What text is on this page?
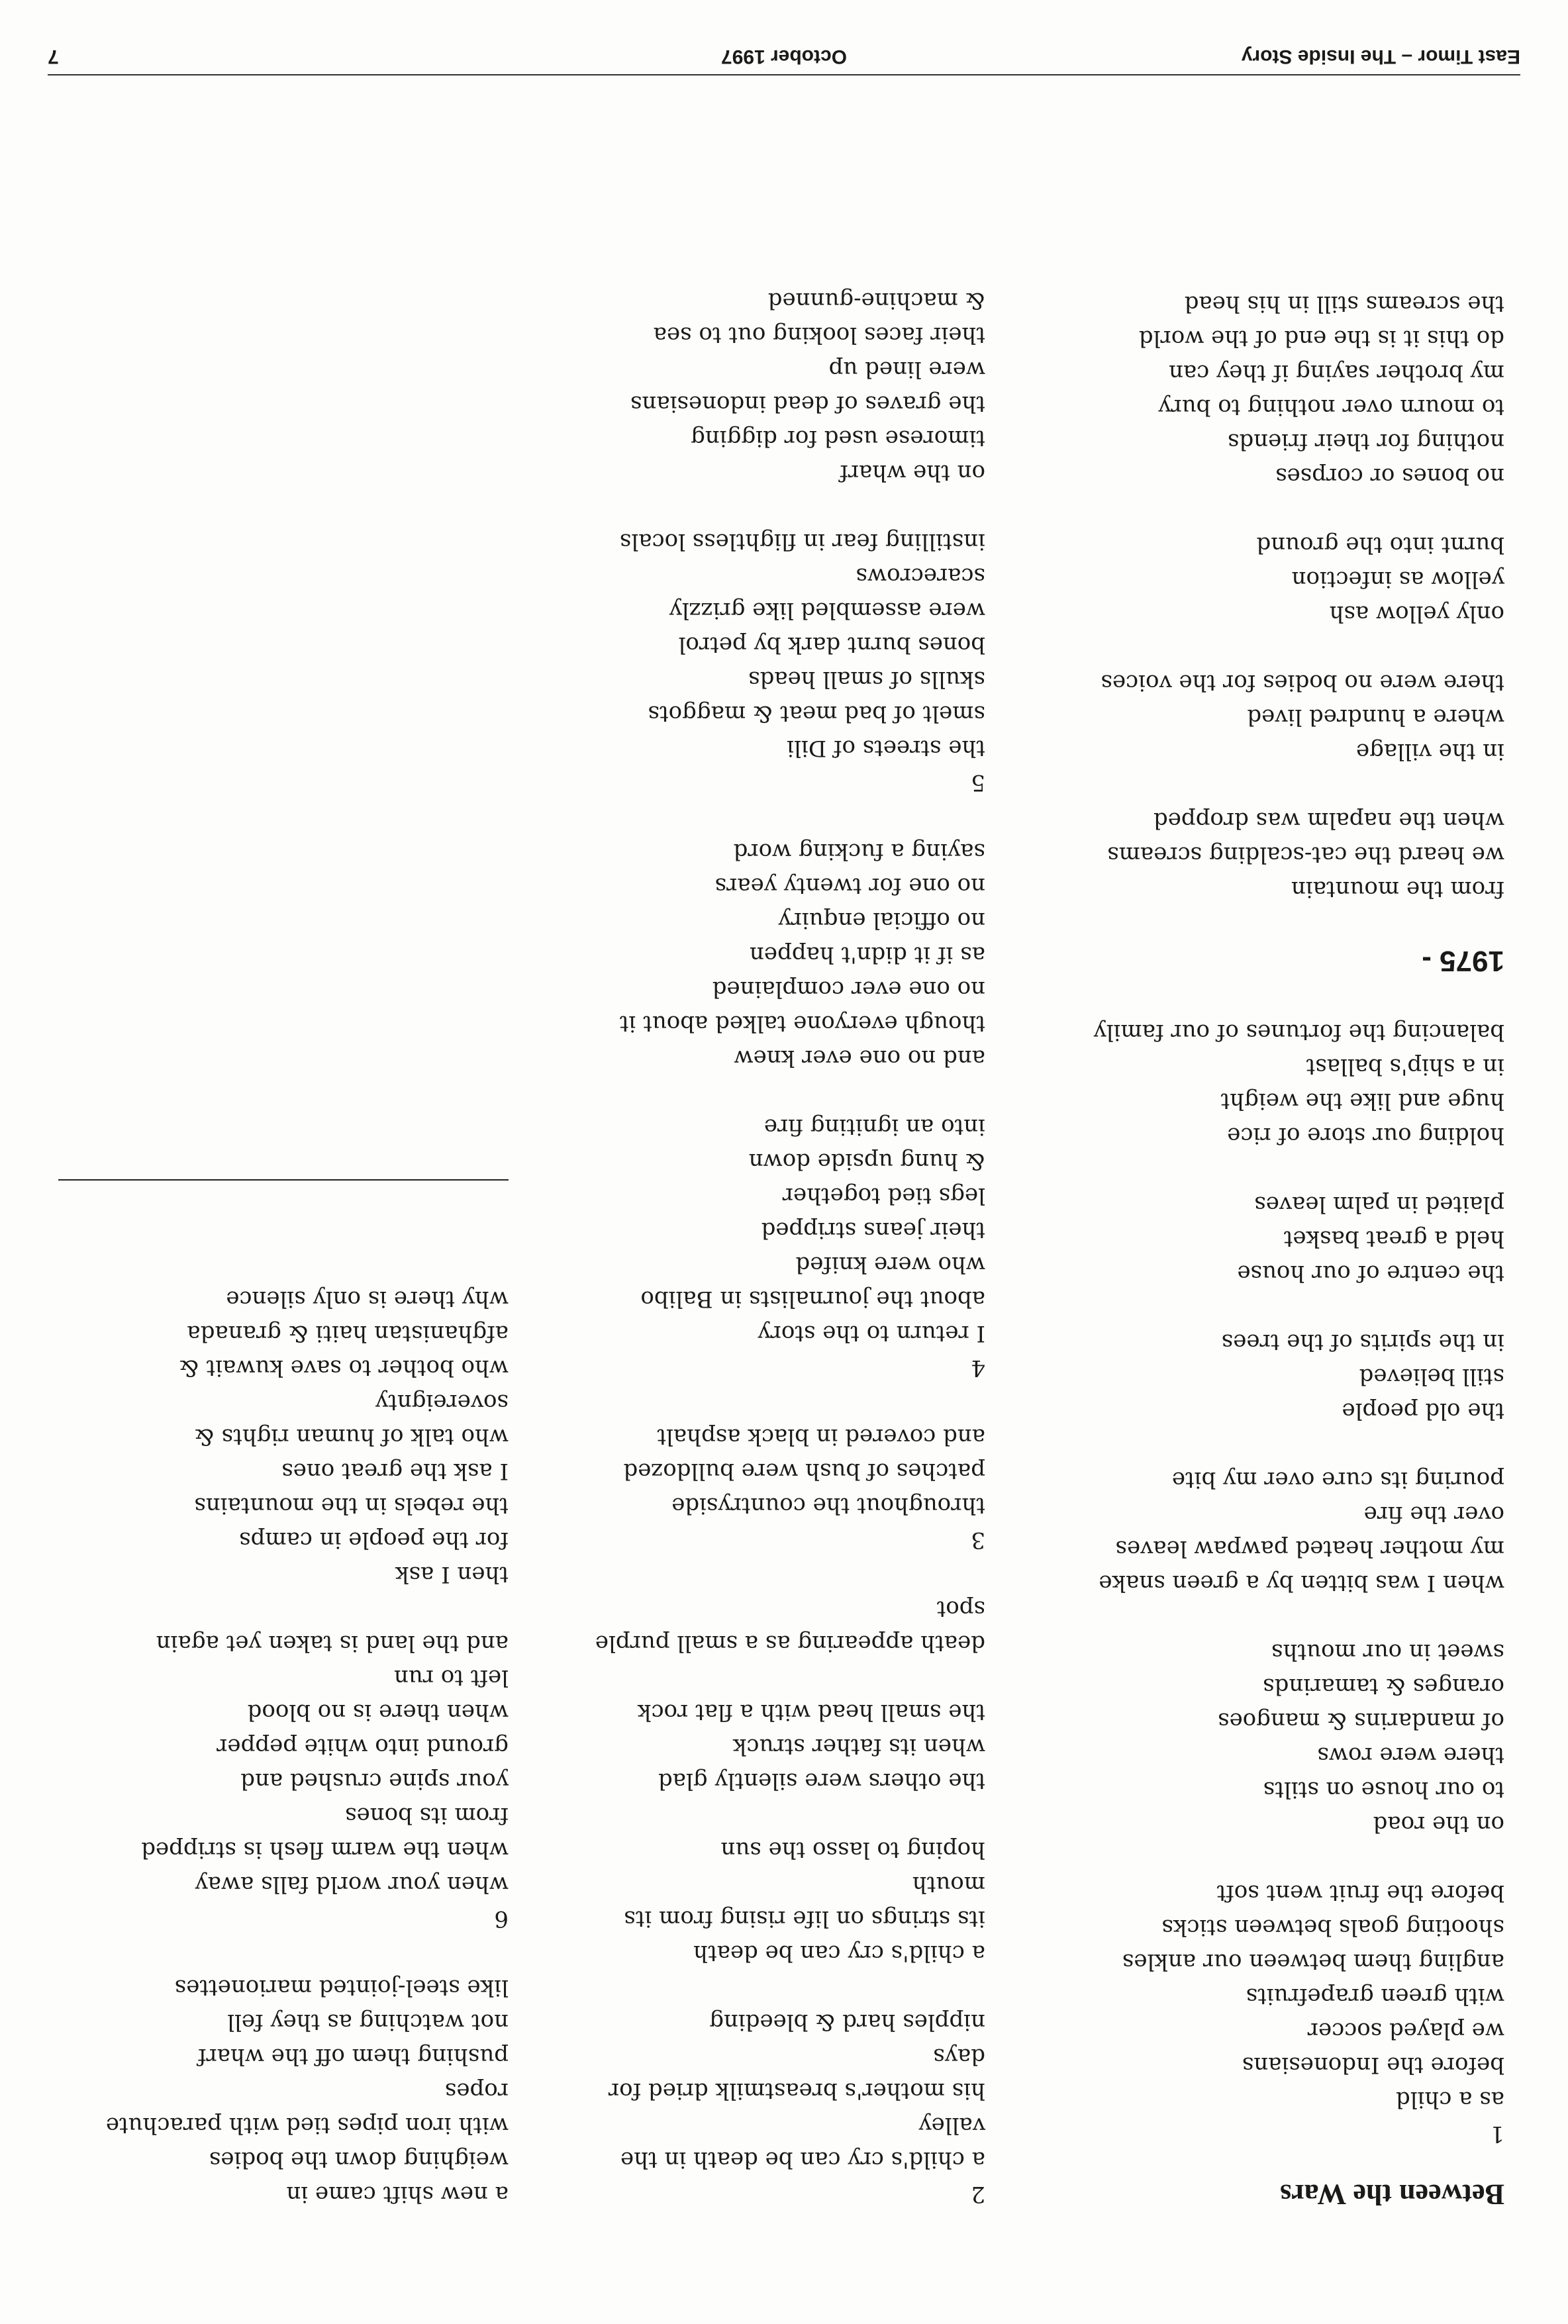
Between the Wars
1
as a child
before the Indonesians
we played soccer
with green grapefruits
angling them between our ankles
shooting goals between sticks
before the fruit went soft
on the road
to our house on stilts
there were rows
of mandarins & mangoes
oranges & tamarinds
sweet in our mouths
when I was bitten by a green snake
my mother heated pawpaw leaves
over the fire
pouring its cure over my bite
the old people
still believed
in the spirits of the trees
the centre of our house
held a great basket
plaited in palm leaves
holding our store of rice
huge and like the weight
in a ship's ballast
balancing the fortunes of our family
1975 -
from the mountain
we heard the cat-scalding screams
when the napalm was dropped
in the village
where a hundred lived
there were no bodies for the voices
only yellow ash
yellow as infection
burnt into the ground
no bones or corpses
nothing for their friends
to mourn over nothing to bury
my brother saying if they can
do this it is the end of the world
the screams still in his head
2
a child's cry can be death in the
valley
his mother's breastmilk dried for
days
nipples hard & bleeding
a child's cry can be death
its strings on life rising from its
mouth
hoping to lasso the sun
the others were silently glad
when its father struck
the small head with a flat rock
death appearing as a small purple
spot
3
throughout the countryside
patches of bush were bulldozed
and covered in black asphalt
4
I return to the story
about the journalists in Balibo
who were knifed
their jeans stripped
legs tied together
& hung upside down
into an igniting fire
and no one ever knew
though everyone talked about it
no one ever complained
as if it didn't happen
no official enquiry
no one for twenty years
saying a fucking word
5
the streets of Dili
smelt of bad meat & maggots
skulls of small heads
bones burnt dark by petrol
were assembled like grizzly
scarecrows
instilling fear in flightless locals
on the wharf
timorese used for digging
the graves of dead indonesians
were lined up
their faces looking out to sea
& machine-gunned
a new shift came in
weighing down the bodies
with iron pipes tied with parachute
ropes
pushing them off the wharf
not watching as they fell
like steel-jointed marionettes
6
when your world falls away
when the warm flesh is stripped
from its bones
your spine crushed and
ground into white pepper
when there is no blood
left to run
and the land is taken yet again
then I ask
for the people in camps
the rebels in the mountains
I ask the great ones
who talk of human rights &
sovereignty
who bother to save kuwait &
afghanistan haiti & granada
why there is only silence
East Timor – The Inside Story
October 1997
7
